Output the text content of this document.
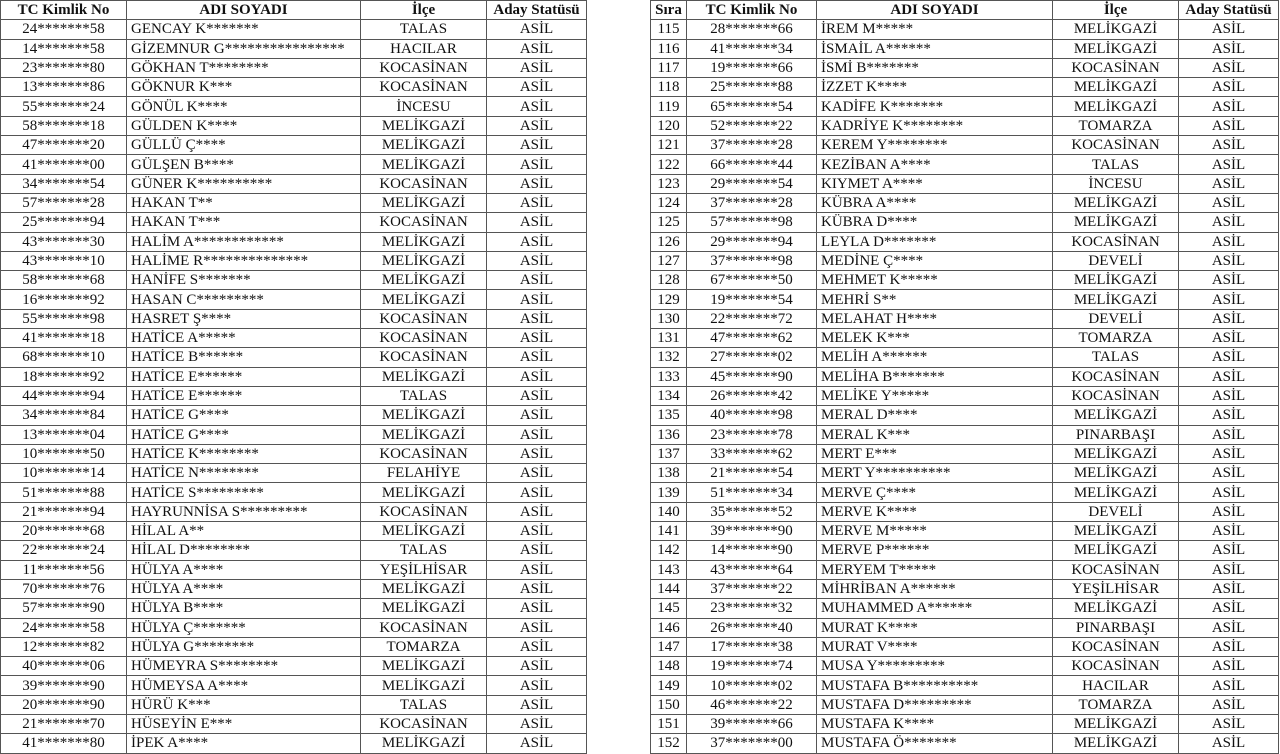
TC Kimlik No	ADI SOYADI	İlçe	Aday Statüsü
24*******58	GENCAY K*******	TALAS	ASİL
14*******58	GİZEMNUR G****************	HACILAR	ASİL
23*******80	GÖKHAN T********	KOCASİNAN	ASİL
13*******86	GÖKNUR K***	KOCASİNAN	ASİL
55*******24	GÖNÜL K****	İNCESU	ASİL
58*******18	GÜLDEN K****	MELİKGAZİ	ASİL
47*******20	GÜLLÜ Ç****	MELİKGAZİ	ASİL
41*******00	GÜLŞEN B****	MELİKGAZİ	ASİL
34*******54	GÜNER K**********	KOCASİNAN	ASİL
57*******28	HAKAN T**	MELİKGAZİ	ASİL
25*******94	HAKAN T***	KOCASİNAN	ASİL
43*******30	HALİM A************	MELİKGAZİ	ASİL
43*******10	HALİME R**************	MELİKGAZİ	ASİL
58*******68	HANİFE S*******	MELİKGAZİ	ASİL
16*******92	HASAN C*********	MELİKGAZİ	ASİL
55*******98	HASRET Ş****	KOCASİNAN	ASİL
41*******18	HATİCE A*****	KOCASİNAN	ASİL
68*******10	HATİCE B******	KOCASİNAN	ASİL
18*******92	HATİCE E******	MELİKGAZİ	ASİL
44*******94	HATİCE E******	TALAS	ASİL
34*******84	HATİCE G****	MELİKGAZİ	ASİL
13*******04	HATİCE G****	MELİKGAZİ	ASİL
10*******50	HATİCE K********	KOCASİNAN	ASİL
10*******14	HATİCE N********	FELAHİYE	ASİL
51*******88	HATİCE S*********	MELİKGAZİ	ASİL
21*******94	HAYRUNNİSA S*********	KOCASİNAN	ASİL
20*******68	HİLAL A**	MELİKGAZİ	ASİL
22*******24	HİLAL D********	TALAS	ASİL
11*******56	HÜLYA A****	YEŞİLHİSAR	ASİL
70*******76	HÜLYA A****	MELİKGAZİ	ASİL
57*******90	HÜLYA B****	MELİKGAZİ	ASİL
24*******58	HÜLYA Ç*******	KOCASİNAN	ASİL
12*******82	HÜLYA G********	TOMARZA	ASİL
40*******06	HÜMEYRA S********	MELİKGAZİ	ASİL
39*******90	HÜMEYSA A****	MELİKGAZİ	ASİL
20*******90	HÜRÜ K***	TALAS	ASİL
21*******70	HÜSEYİN E***	KOCASİNAN	ASİL
41*******80	İPEK A****	MELİKGAZİ	ASİL
Sıra	TC Kimlik No	ADI SOYADI	İlçe	Aday Statüsü
115	28*******66	İREM M*****	MELİKGAZİ	ASİL
116	41*******34	İSMAİL A******	MELİKGAZİ	ASİL
117	19*******66	İSMİ B*******	KOCASİNAN	ASİL
118	25*******88	İZZET K****	MELİKGAZİ	ASİL
119	65*******54	KADİFE K*******	MELİKGAZİ	ASİL
120	52*******22	KADRİYE K********	TOMARZA	ASİL
121	37*******28	KEREM Y********	KOCASİNAN	ASİL
122	66*******44	KEZİBAN A****	TALAS	ASİL
123	29*******54	KIYMET A****	İNCESU	ASİL
124	37*******28	KÜBRA A****	MELİKGAZİ	ASİL
125	57*******98	KÜBRA D****	MELİKGAZİ	ASİL
126	29*******94	LEYLA D*******	KOCASİNAN	ASİL
127	37*******98	MEDİNE Ç****	DEVELİ	ASİL
128	67*******50	MEHMET K*****	MELİKGAZİ	ASİL
129	19*******54	MEHRİ S**	MELİKGAZİ	ASİL
130	22*******72	MELAHAT H****	DEVELİ	ASİL
131	47*******62	MELEK K***	TOMARZA	ASİL
132	27*******02	MELİH A******	TALAS	ASİL
133	45*******90	MELİHA B*******	KOCASİNAN	ASİL
134	26*******42	MELİKE Y*****	KOCASİNAN	ASİL
135	40*******98	MERAL D****	MELİKGAZİ	ASİL
136	23*******78	MERAL K***	PINARBAŞI	ASİL
137	33*******62	MERT E***	MELİKGAZİ	ASİL
138	21*******54	MERT Y**********	MELİKGAZİ	ASİL
139	51*******34	MERVE Ç****	MELİKGAZİ	ASİL
140	35*******52	MERVE K****	DEVELİ	ASİL
141	39*******90	MERVE M*****	MELİKGAZİ	ASİL
142	14*******90	MERVE P******	MELİKGAZİ	ASİL
143	43*******64	MERYEM T*****	KOCASİNAN	ASİL
144	37*******22	MİHRİBAN A******	YEŞİLHİSAR	ASİL
145	23*******32	MUHAMMED A******	MELİKGAZİ	ASİL
146	26*******40	MURAT K****	PINARBAŞI	ASİL
147	17*******38	MURAT V****	KOCASİNAN	ASİL
148	19*******74	MUSA Y*********	KOCASİNAN	ASİL
149	10*******02	MUSTAFA B**********	HACILAR	ASİL
150	46*******22	MUSTAFA D*********	TOMARZA	ASİL
151	39*******66	MUSTAFA K****	MELİKGAZİ	ASİL
152	37*******00	MUSTAFA Ö*******	MELİKGAZİ	ASİL
